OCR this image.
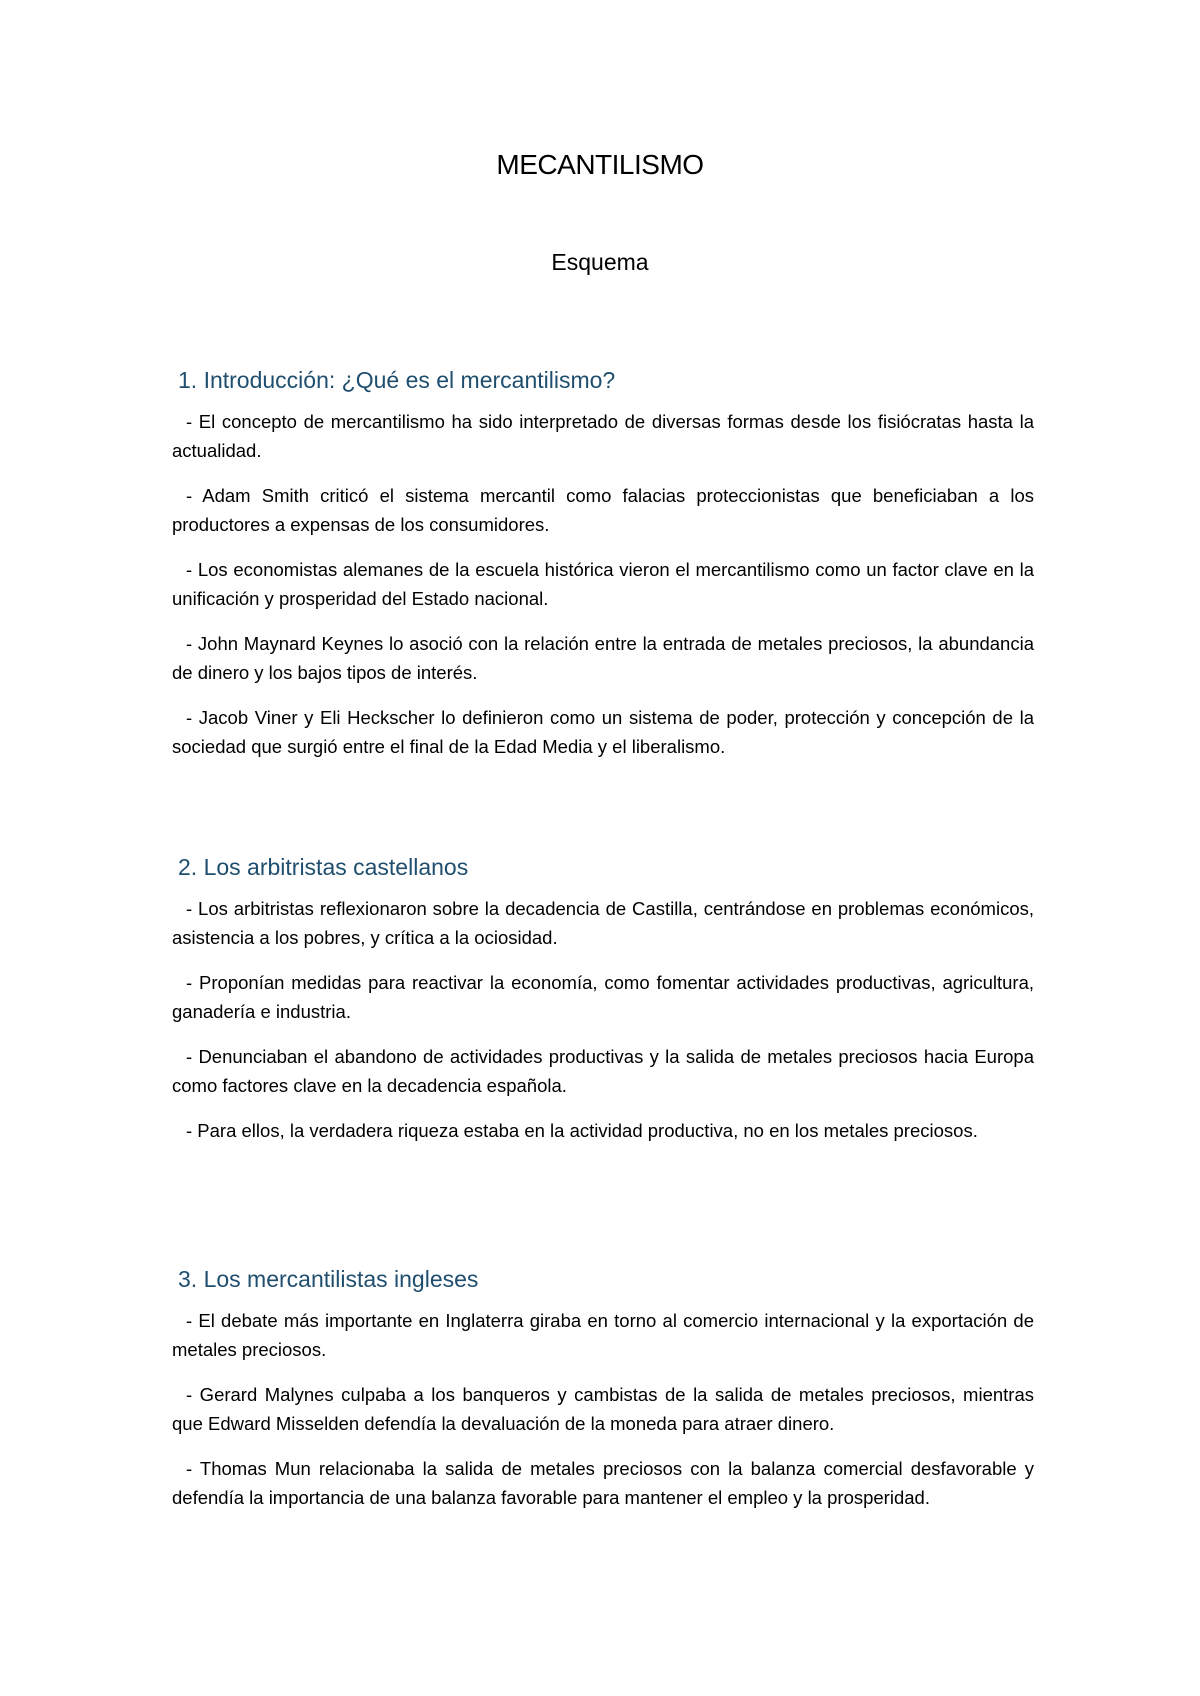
MECANTILISMO
Esquema
1. Introducción: ¿Qué es el mercantilismo?

- El concepto de mercantilismo ha sido interpretado de diversas formas desde los fisiócratas hasta la actualidad.

- Adam Smith criticó el sistema mercantil como falacias proteccionistas que beneficiaban a los productores a expensas de los consumidores.

- Los economistas alemanes de la escuela histórica vieron el mercantilismo como un factor clave en la unificación y prosperidad del Estado nacional.

- John Maynard Keynes lo asoció con la relación entre la entrada de metales preciosos, la abundancia de dinero y los bajos tipos de interés.

- Jacob Viner y Eli Heckscher lo definieron como un sistema de poder, protección y concepción de la sociedad que surgió entre el final de la Edad Media y el liberalismo.

2. Los arbitristas castellanos

- Los arbitristas reflexionaron sobre la decadencia de Castilla, centrándose en problemas económicos, asistencia a los pobres, y crítica a la ociosidad.

- Proponían medidas para reactivar la economía, como fomentar actividades productivas, agricultura, ganadería e industria.

- Denunciaban el abandono de actividades productivas y la salida de metales preciosos hacia Europa como factores clave en la decadencia española.

- Para ellos, la verdadera riqueza estaba en la actividad productiva, no en los metales preciosos.

3. Los mercantilistas ingleses

- El debate más importante en Inglaterra giraba en torno al comercio internacional y la exportación de metales preciosos.

- Gerard Malynes culpaba a los banqueros y cambistas de la salida de metales preciosos, mientras que Edward Misselden defendía la devaluación de la moneda para atraer dinero.

- Thomas Mun relacionaba la salida de metales preciosos con la balanza comercial desfavorable y defendía la importancia de una balanza favorable para mantener el empleo y la prosperidad.
